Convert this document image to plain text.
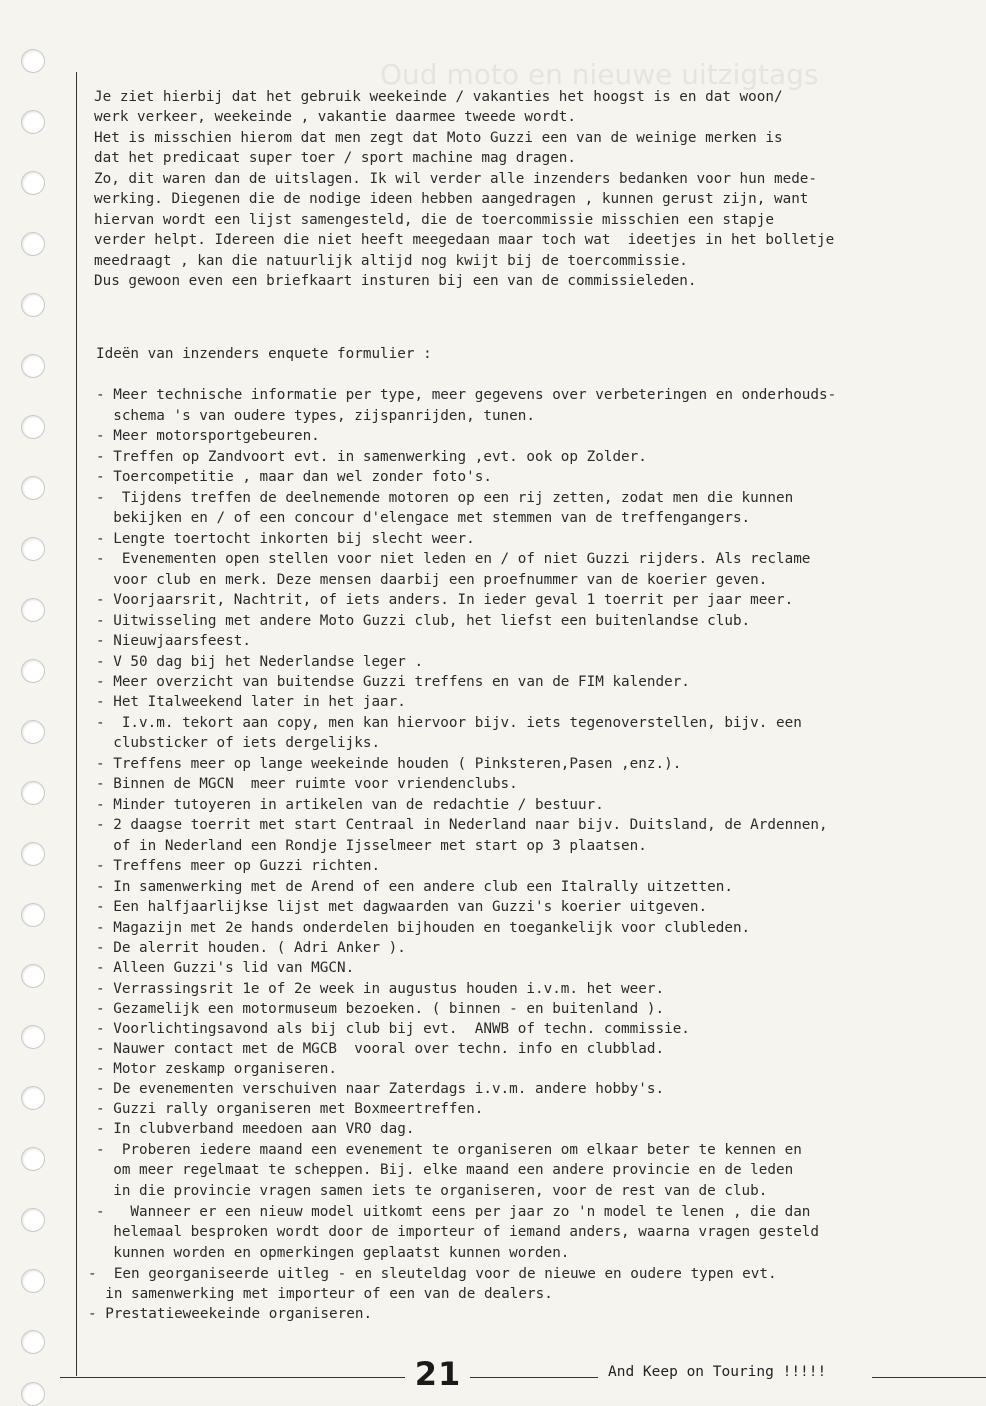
Oud moto en nieuwe uitzigtags
Je ziet hierbij dat het gebruik weekeinde / vakanties het hoogst is en dat woon/
werk verkeer, weekeinde , vakantie daarmee tweede wordt.
Het is misschien hierom dat men zegt dat Moto Guzzi een van de weinige merken is
dat het predicaat super toer / sport machine mag dragen.
Zo, dit waren dan de uitslagen. Ik wil verder alle inzenders bedanken voor hun mede-
werking. Diegenen die de nodige ideen hebben aangedragen , kunnen gerust zijn, want
hiervan wordt een lijst samengesteld, die de toercommissie misschien een stapje
verder helpt. Idereen die niet heeft meegedaan maar toch wat  ideetjes in het bolletje
meedraagt , kan die natuurlijk altijd nog kwijt bij de toercommissie.
Dus gewoon even een briefkaart insturen bij een van de commissieleden.
Ideën van inzenders enquete formulier :
- Meer technische informatie per type, meer gegevens over verbeteringen en onderhouds-
schema 's van oudere types, zijspanrijden, tunen.
- Meer motorsportgebeuren.
- Treffen op Zandvoort evt. in samenwerking ,evt. ook op Zolder.
- Toercompetitie , maar dan wel zonder foto's.
-  Tijdens treffen de deelnemende motoren op een rij zetten, zodat men die kunnen
bekijken en / of een concour d'elengace met stemmen van de treffengangers.
- Lengte toertocht inkorten bij slecht weer.
-  Evenementen open stellen voor niet leden en / of niet Guzzi rijders. Als reclame
voor club en merk. Deze mensen daarbij een proefnummer van de koerier geven.
- Voorjaarsrit, Nachtrit, of iets anders. In ieder geval 1 toerrit per jaar meer.
- Uitwisseling met andere Moto Guzzi club, het liefst een buitenlandse club.
- Nieuwjaarsfeest.
- V 50 dag bij het Nederlandse leger .
- Meer overzicht van buitendse Guzzi treffens en van de FIM kalender.
- Het Italweekend later in het jaar.
-  I.v.m. tekort aan copy, men kan hiervoor bijv. iets tegenoverstellen, bijv. een
clubsticker of iets dergelijks.
- Treffens meer op lange weekeinde houden ( Pinksteren,Pasen ,enz.).
- Binnen de MGCN  meer ruimte voor vriendenclubs.
- Minder tutoyeren in artikelen van de redachtie / bestuur.
- 2 daagse toerrit met start Centraal in Nederland naar bijv. Duitsland, de Ardennen,
of in Nederland een Rondje Ijsselmeer met start op 3 plaatsen.
- Treffens meer op Guzzi richten.
- In samenwerking met de Arend of een andere club een Italrally uitzetten.
- Een halfjaarlijkse lijst met dagwaarden van Guzzi's koerier uitgeven.
- Magazijn met 2e hands onderdelen bijhouden en toegankelijk voor clubleden.
- De alerrit houden. ( Adri Anker ).
- Alleen Guzzi's lid van MGCN.
- Verrassingsrit 1e of 2e week in augustus houden i.v.m. het weer.
- Gezamelijk een motormuseum bezoeken. ( binnen - en buitenland ).
- Voorlichtingsavond als bij club bij evt.  ANWB of techn. commissie.
- Nauwer contact met de MGCB  vooral over techn. info en clubblad.
- Motor zeskamp organiseren.
- De evenementen verschuiven naar Zaterdags i.v.m. andere hobby's.
- Guzzi rally organiseren met Boxmeertreffen.
- In clubverband meedoen aan VRO dag.
-  Proberen iedere maand een evenement te organiseren om elkaar beter te kennen en
om meer regelmaat te scheppen. Bij. elke maand een andere provincie en de leden
in die provincie vragen samen iets te organiseren, voor de rest van de club.
-   Wanneer er een nieuw model uitkomt eens per jaar zo 'n model te lenen , die dan
helemaal besproken wordt door de importeur of iemand anders, waarna vragen gesteld
kunnen worden en opmerkingen geplaatst kunnen worden.
-  Een georganiseerde uitleg - en sleuteldag voor de nieuwe en oudere typen evt.
in samenwerking met importeur of een van de dealers.
- Prestatieweekeinde organiseren.
21	And Keep on Touring !!!!!
